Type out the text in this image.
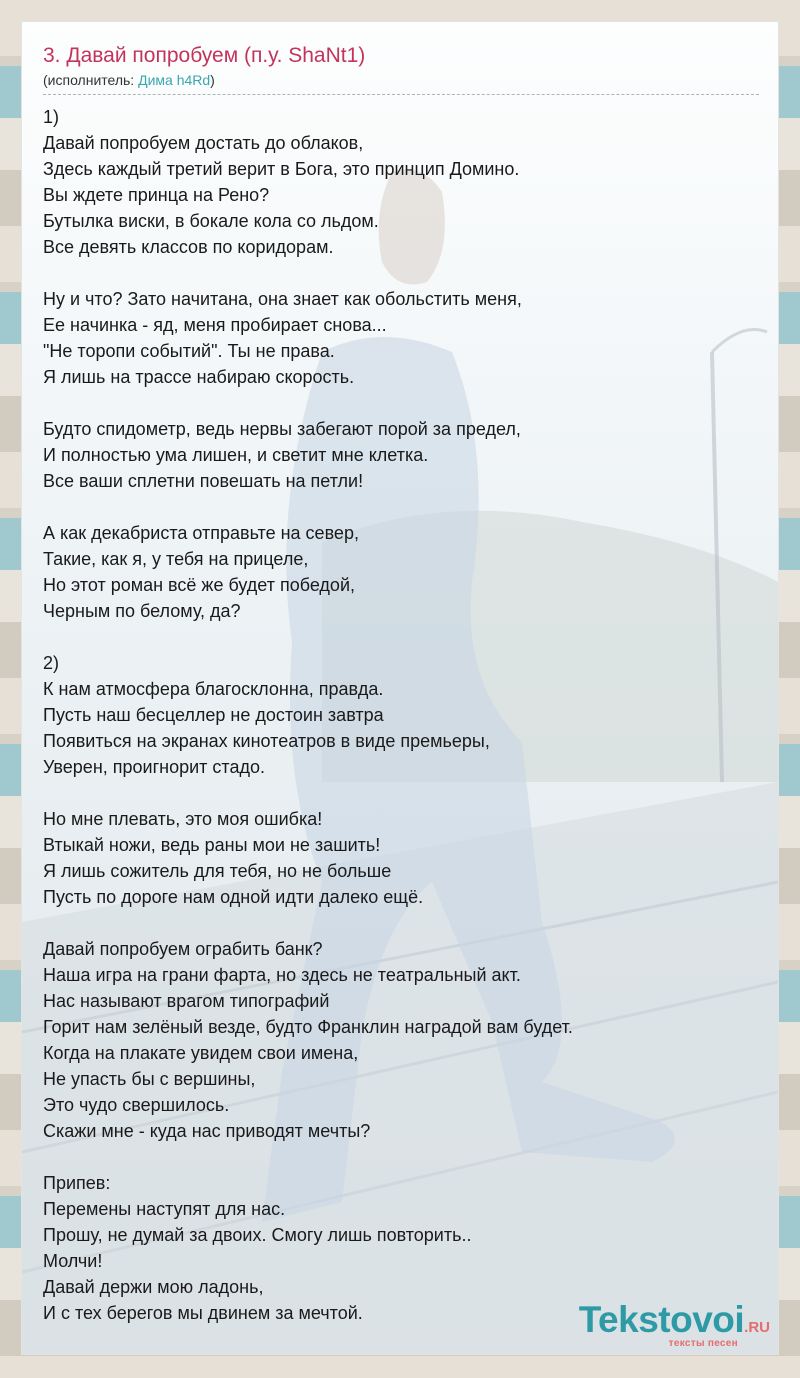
3. Давай попробуем (п.у. ShaNt1)
(исполнитель: Дима h4Rd)
1)
Давай попробуем достать до облаков,
Здесь каждый третий верит в Бога, это принцип Домино.
Вы ждете принца на Рено?
Бутылка виски, в бокале кола со льдом.
Все девять классов по коридорам.
Ну и что? Зато начитана, она знает как обольстить меня,
Ее начинка - яд, меня пробирает снова...
"Не торопи событий". Ты не права.
Я лишь на трассе набираю скорость.
Будто спидометр, ведь нервы забегают порой за предел,
И полностью ума лишен, и светит мне клетка.
Все ваши сплетни повешать на петли!
А как декабриста отправьте на север,
Такие, как я, у тебя на прицеле,
Но этот роман всё же будет победой,
Черным по белому, да?
2)
К нам атмосфера благосклонна, правда.
Пусть наш бесцеллер не достоин завтра
Появиться на экранах кинотеатров в виде премьеры,
Уверен, проигнорит стадо.
Но мне плевать, это моя ошибка!
Втыкай ножи, ведь раны мои не зашить!
Я лишь сожитель для тебя, но не больше
Пусть по дороге нам одной идти далеко ещё.
Давай попробуем ограбить банк?
Наша игра на грани фарта, но здесь не театральный акт.
Нас называют врагом типографий
Горит нам зелёный везде, будто Франклин наградой вам будет.
Когда на плакате увидем свои имена,
Не упасть бы с вершины,
Это чудо свершилось.
Скажи мне - куда нас приводят мечты?
Припев:
Перемены наступят для нас.
Прошу, не думай за двоих. Смогу лишь повторить..
Молчи!
Давай держи мою ладонь,
И с тех берегов мы двинем за мечтой.	Tekstovoi.RU
тексты песен
